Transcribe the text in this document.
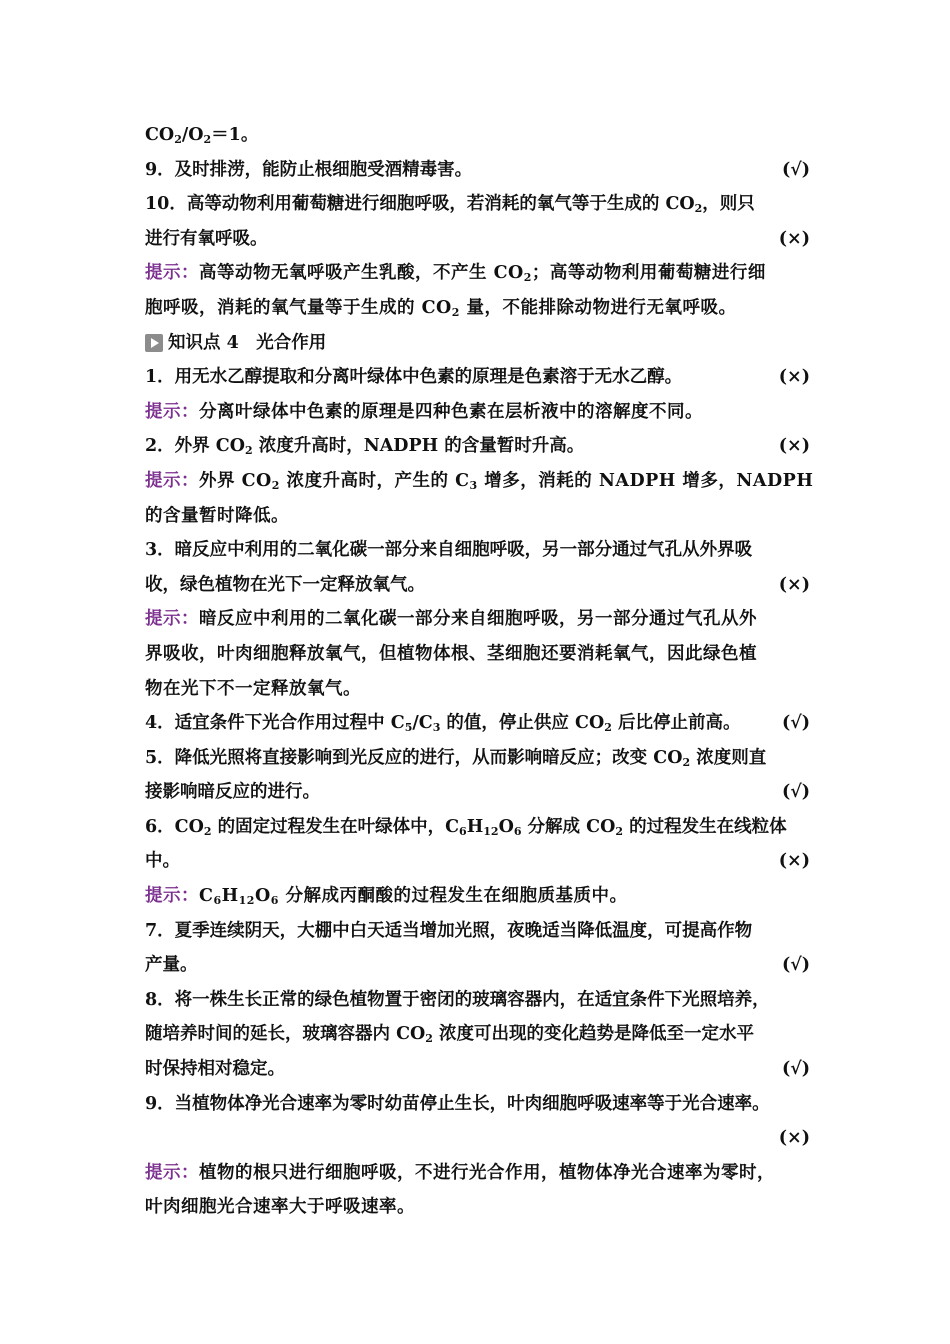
$CO_2/O_2=1$。
9．及时排涝，能防止根细胞受酒精毒害。	(√)
10．高等动物利用葡萄糖进行细胞呼吸，若消耗的氧气等于生成的 $CO_2$，则只
进行有氧呼吸。	(×)
提示：高等动物无氧呼吸产生乳酸，不产生 $CO_2$；高等动物利用葡萄糖进行细
胞呼吸，消耗的氧气量等于生成的 $CO_2$ 量，不能排除动物进行无氧呼吸。
知识点 4　光合作用
1．用无水乙醇提取和分离叶绿体中色素的原理是色素溶于无水乙醇。	(×)
提示：分离叶绿体中色素的原理是四种色素在层析液中的溶解度不同。
2．外界 $CO_2$ 浓度升高时，NADPH 的含量暂时升高。	(×)
提示：外界 $CO_2$ 浓度升高时，产生的 $C_3$ 增多，消耗的 NADPH 增多，NADPH
的含量暂时降低。
3．暗反应中利用的二氧化碳一部分来自细胞呼吸，另一部分通过气孔从外界吸
收，绿色植物在光下一定释放氧气。	(×)
提示：暗反应中利用的二氧化碳一部分来自细胞呼吸，另一部分通过气孔从外
界吸收，叶肉细胞释放氧气，但植物体根、茎细胞还要消耗氧气，因此绿色植
物在光下不一定释放氧气。
4．适宜条件下光合作用过程中 $C_5/C_3$ 的值，停止供应 $CO_2$ 后比停止前高。 (√)
5．降低光照将直接影响到光反应的进行，从而影响暗反应；改变 $CO_2$ 浓度则直
接影响暗反应的进行。	(√)
6．$CO_2$ 的固定过程发生在叶绿体中，$C_6H_{12}O_6$ 分解成 $CO_2$ 的过程发生在线粒体
中。	(×)
提示：$C_6H_{12}O_6$ 分解成丙酮酸的过程发生在细胞质基质中。
7．夏季连续阴天，大棚中白天适当增加光照，夜晚适当降低温度，可提高作物
产量。	(√)
8．将一株生长正常的绿色植物置于密闭的玻璃容器内，在适宜条件下光照培养，
随培养时间的延长，玻璃容器内 $CO_2$ 浓度可出现的变化趋势是降低至一定水平
时保持相对稳定。	(√)
9．当植物体净光合速率为零时幼苗停止生长，叶肉细胞呼吸速率等于光合速率。
(×)
提示：植物的根只进行细胞呼吸，不进行光合作用，植物体净光合速率为零时，
叶肉细胞光合速率大于呼吸速率。
